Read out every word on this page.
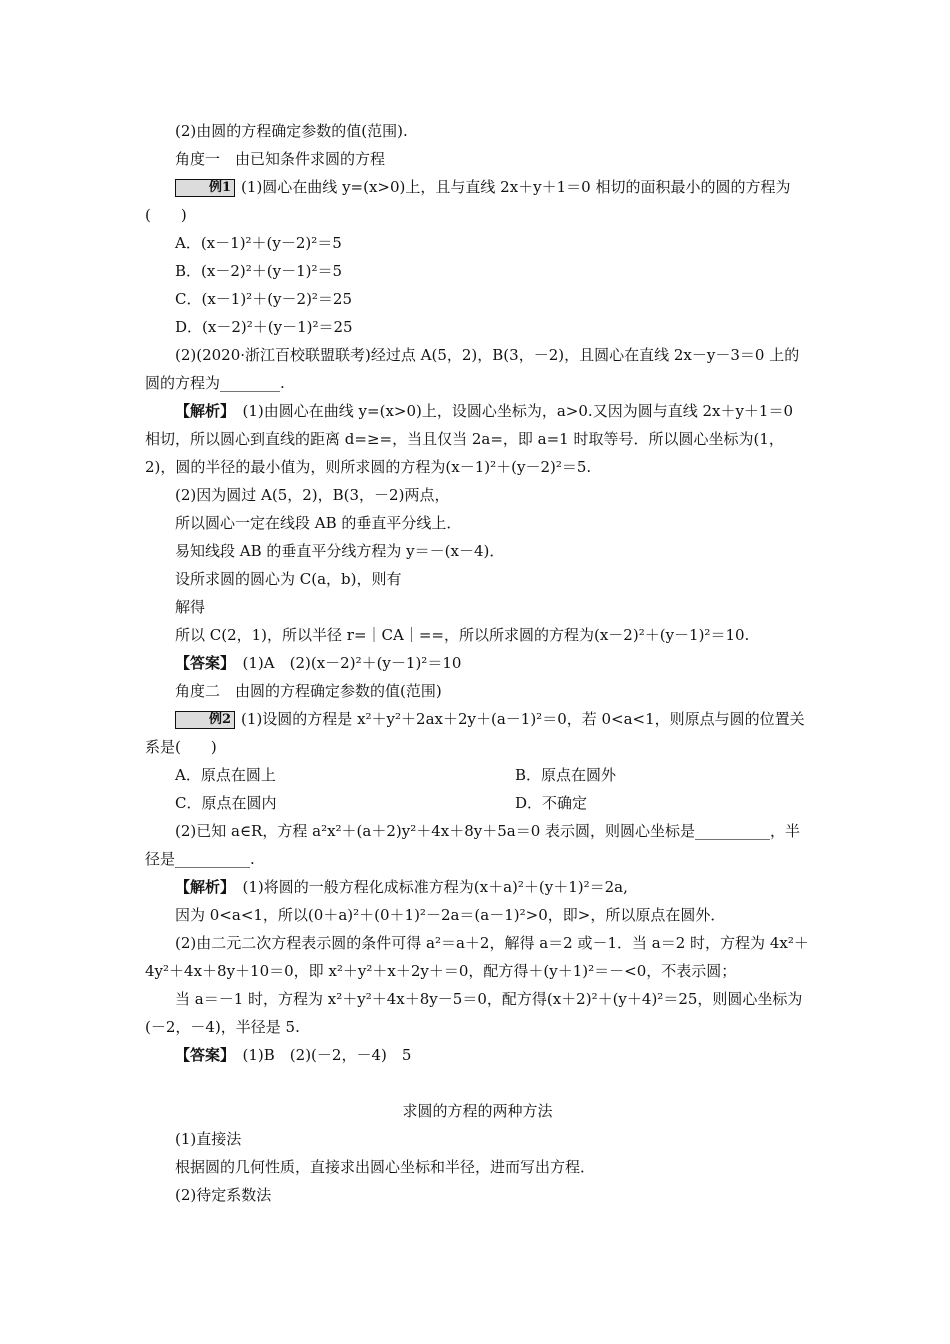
(2)由圆的方程确定参数的值(范围).

角度一　由已知条件求圆的方程

例1 (1)圆心在曲线 y=(x>0)上，且与直线 2x＋y＋1＝0 相切的面积最小的圆的方程为(　　)

A．(x－1)²＋(y－2)²＝5

B．(x－2)²＋(y－1)²＝5

C．(x－1)²＋(y－2)²＝25

D．(x－2)²＋(y－1)²＝25

(2)(2020·浙江百校联盟联考)经过点 A(5，2)，B(3，－2)，且圆心在直线 2x－y－3＝0 上的圆的方程为________.

【解析】　 (1)由圆心在曲线 y=(x>0)上，设圆心坐标为，a>0.又因为圆与直线 2x＋y＋1＝0 相切，所以圆心到直线的距离 d=≥=，当且仅当 2a=，即 a=1 时取等号．所以圆心坐标为(1，2)，圆的半径的最小值为，则所求圆的方程为(x－1)²＋(y－2)²＝5.

(2)因为圆过 A(5，2)，B(3，－2)两点，

所以圆心一定在线段 AB 的垂直平分线上．

易知线段 AB 的垂直平分线方程为 y＝－(x－4)．

设所求圆的圆心为 C(a，b)，则有

解得

所以 C(2，1)，所以半径 r=｜CA｜==，所以所求圆的方程为(x－2)²＋(y－1)²＝10.

【答案】　 (1)A　(2)(x－2)²＋(y－1)²＝10

角度二　由圆的方程确定参数的值(范围)

例2 (1)设圆的方程是 x²＋y²＋2ax＋2y＋(a－1)²＝0，若 0<a<1，则原点与圆的位置关系是(　　)

A．原点在圆上	B．原点在圆外
C．原点在圆内	D．不确定

(2)已知 a∈R，方程 a²x²＋(a＋2)y²＋4x＋8y＋5a＝0 表示圆，则圆心坐标是__________，半径是__________.

【解析】　 (1)将圆的一般方程化成标准方程为(x＋a)²＋(y＋1)²＝2a,

因为 0<a<1，所以(0＋a)²＋(0＋1)²－2a＝(a－1)²>0，即>，所以原点在圆外．

(2)由二元二次方程表示圆的条件可得 a²＝a＋2，解得 a＝2 或－1．当 a＝2 时，方程为 4x²＋4y²＋4x＋8y＋10＝0，即 x²＋y²＋x＋2y＋＝0，配方得＋(y＋1)²＝－<0，不表示圆；

当 a＝－1 时，方程为 x²＋y²＋4x＋8y－5＝0，配方得(x＋2)²＋(y＋4)²＝25，则圆心坐标为(－2，－4)，半径是 5.

【答案】　 (1)B　(2)(－2，－4)　5

求圆的方程的两种方法

(1)直接法

根据圆的几何性质，直接求出圆心坐标和半径，进而写出方程．

(2)待定系数法
